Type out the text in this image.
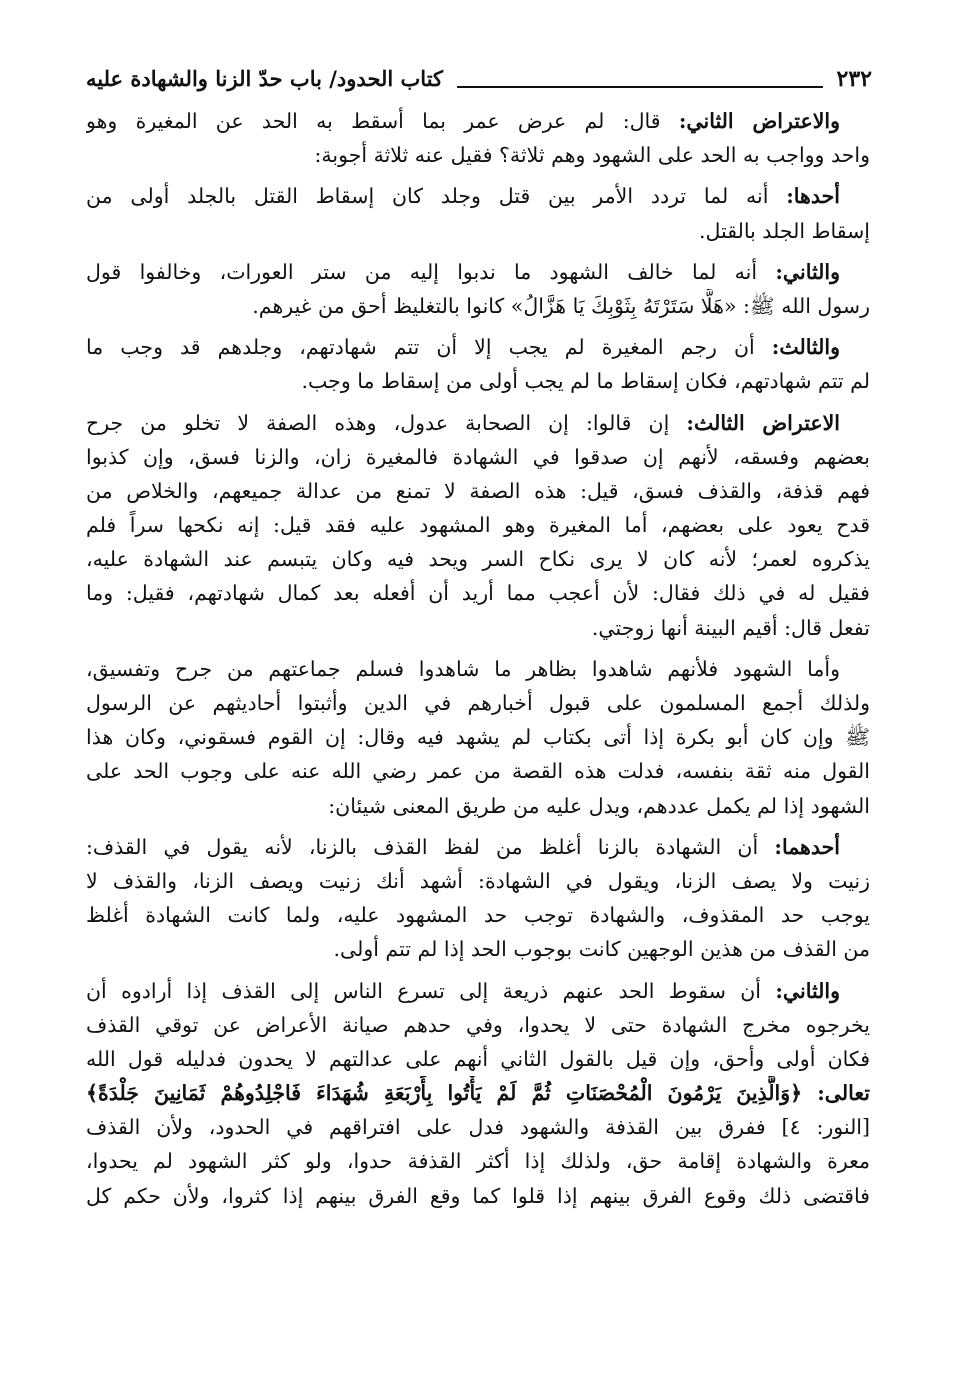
٢٣٢
كتاب الحدود/ باب حدّ الزنا والشهادة عليه
والاعتراض الثاني: قال: لم عرض عمر بما أسقط به الحد عن المغيرة وهو
واحد وواجب به الحد على الشهود وهم ثلاثة؟ فقيل عنه ثلاثة أجوبة:
أحدها: أنه لما تردد الأمر بين قتل وجلد كان إسقاط القتل بالجلد أولى من
إسقاط الجلد بالقتل.
والثاني: أنه لما خالف الشهود ما ندبوا إليه من ستر العورات، وخالفوا قول
رسول الله ﷺ: «هَلَّا سَتَرْتَهُ بِثَوْبِكَ يَا هَزَّالُ» كانوا بالتغليظ أحق من غيرهم.
والثالث: أن رجم المغيرة لم يجب إلا أن تتم شهادتهم، وجلدهم قد وجب ما
لم تتم شهادتهم، فكان إسقاط ما لم يجب أولى من إسقاط ما وجب.
الاعتراض الثالث: إن قالوا: إن الصحابة عدول، وهذه الصفة لا تخلو من جرح
بعضهم وفسقه، لأنهم إن صدقوا في الشهادة فالمغيرة زان، والزنا فسق، وإن كذبوا
فهم قذفة، والقذف فسق، قيل: هذه الصفة لا تمنع من عدالة جميعهم، والخلاص من
قدح يعود على بعضهم، أما المغيرة وهو المشهود عليه فقد قيل: إنه نكحها سراً فلم
يذكروه لعمر؛ لأنه كان لا يرى نكاح السر ويحد فيه وكان يتبسم عند الشهادة عليه،
فقيل له في ذلك فقال: لأن أعجب مما أريد أن أفعله بعد كمال شهادتهم، فقيل: وما
تفعل قال: أقيم البينة أنها زوجتي.
وأما الشهود فلأنهم شاهدوا بظاهر ما شاهدوا فسلم جماعتهم من جرح وتفسيق،
ولذلك أجمع المسلمون على قبول أخبارهم في الدين وأثبتوا أحاديثهم عن الرسول
ﷺ وإن كان أبو بكرة إذا أتى بكتاب لم يشهد فيه وقال: إن القوم فسقوني، وكان هذا
القول منه ثقة بنفسه، فدلت هذه القصة من عمر رضي الله عنه على وجوب الحد على
الشهود إذا لم يكمل عددهم، ويدل عليه من طريق المعنى شيئان:
أحدهما: أن الشهادة بالزنا أغلظ من لفظ القذف بالزنا، لأنه يقول في القذف:
زنيت ولا يصف الزنا، ويقول في الشهادة: أشهد أنك زنيت ويصف الزنا، والقذف لا
يوجب حد المقذوف، والشهادة توجب حد المشهود عليه، ولما كانت الشهادة أغلظ
من القذف من هذين الوجهين كانت بوجوب الحد إذا لم تتم أولى.
والثاني: أن سقوط الحد عنهم ذريعة إلى تسرع الناس إلى القذف إذا أرادوه أن
يخرجوه مخرج الشهادة حتى لا يحدوا، وفي حدهم صيانة الأعراض عن توقي القذف
فكان أولى وأحق، وإن قيل بالقول الثاني أنهم على عدالتهم لا يحدون فدليله قول الله
تعالى: ﴿وَالَّذِينَ يَرْمُونَ الْمُحْصَنَاتِ ثُمَّ لَمْ يَأْتُوا بِأَرْبَعَةِ شُهَدَاءَ فَاجْلِدُوهُمْ ثَمَانِينَ جَلْدَةً﴾
[النور: ٤] ففرق بين القذفة والشهود فدل على افتراقهم في الحدود، ولأن القذف
معرة والشهادة إقامة حق، ولذلك إذا أكثر القذفة حدوا، ولو كثر الشهود لم يحدوا،
فاقتضى ذلك وقوع الفرق بينهم إذا قلوا كما وقع الفرق بينهم إذا كثروا، ولأن حكم كل
